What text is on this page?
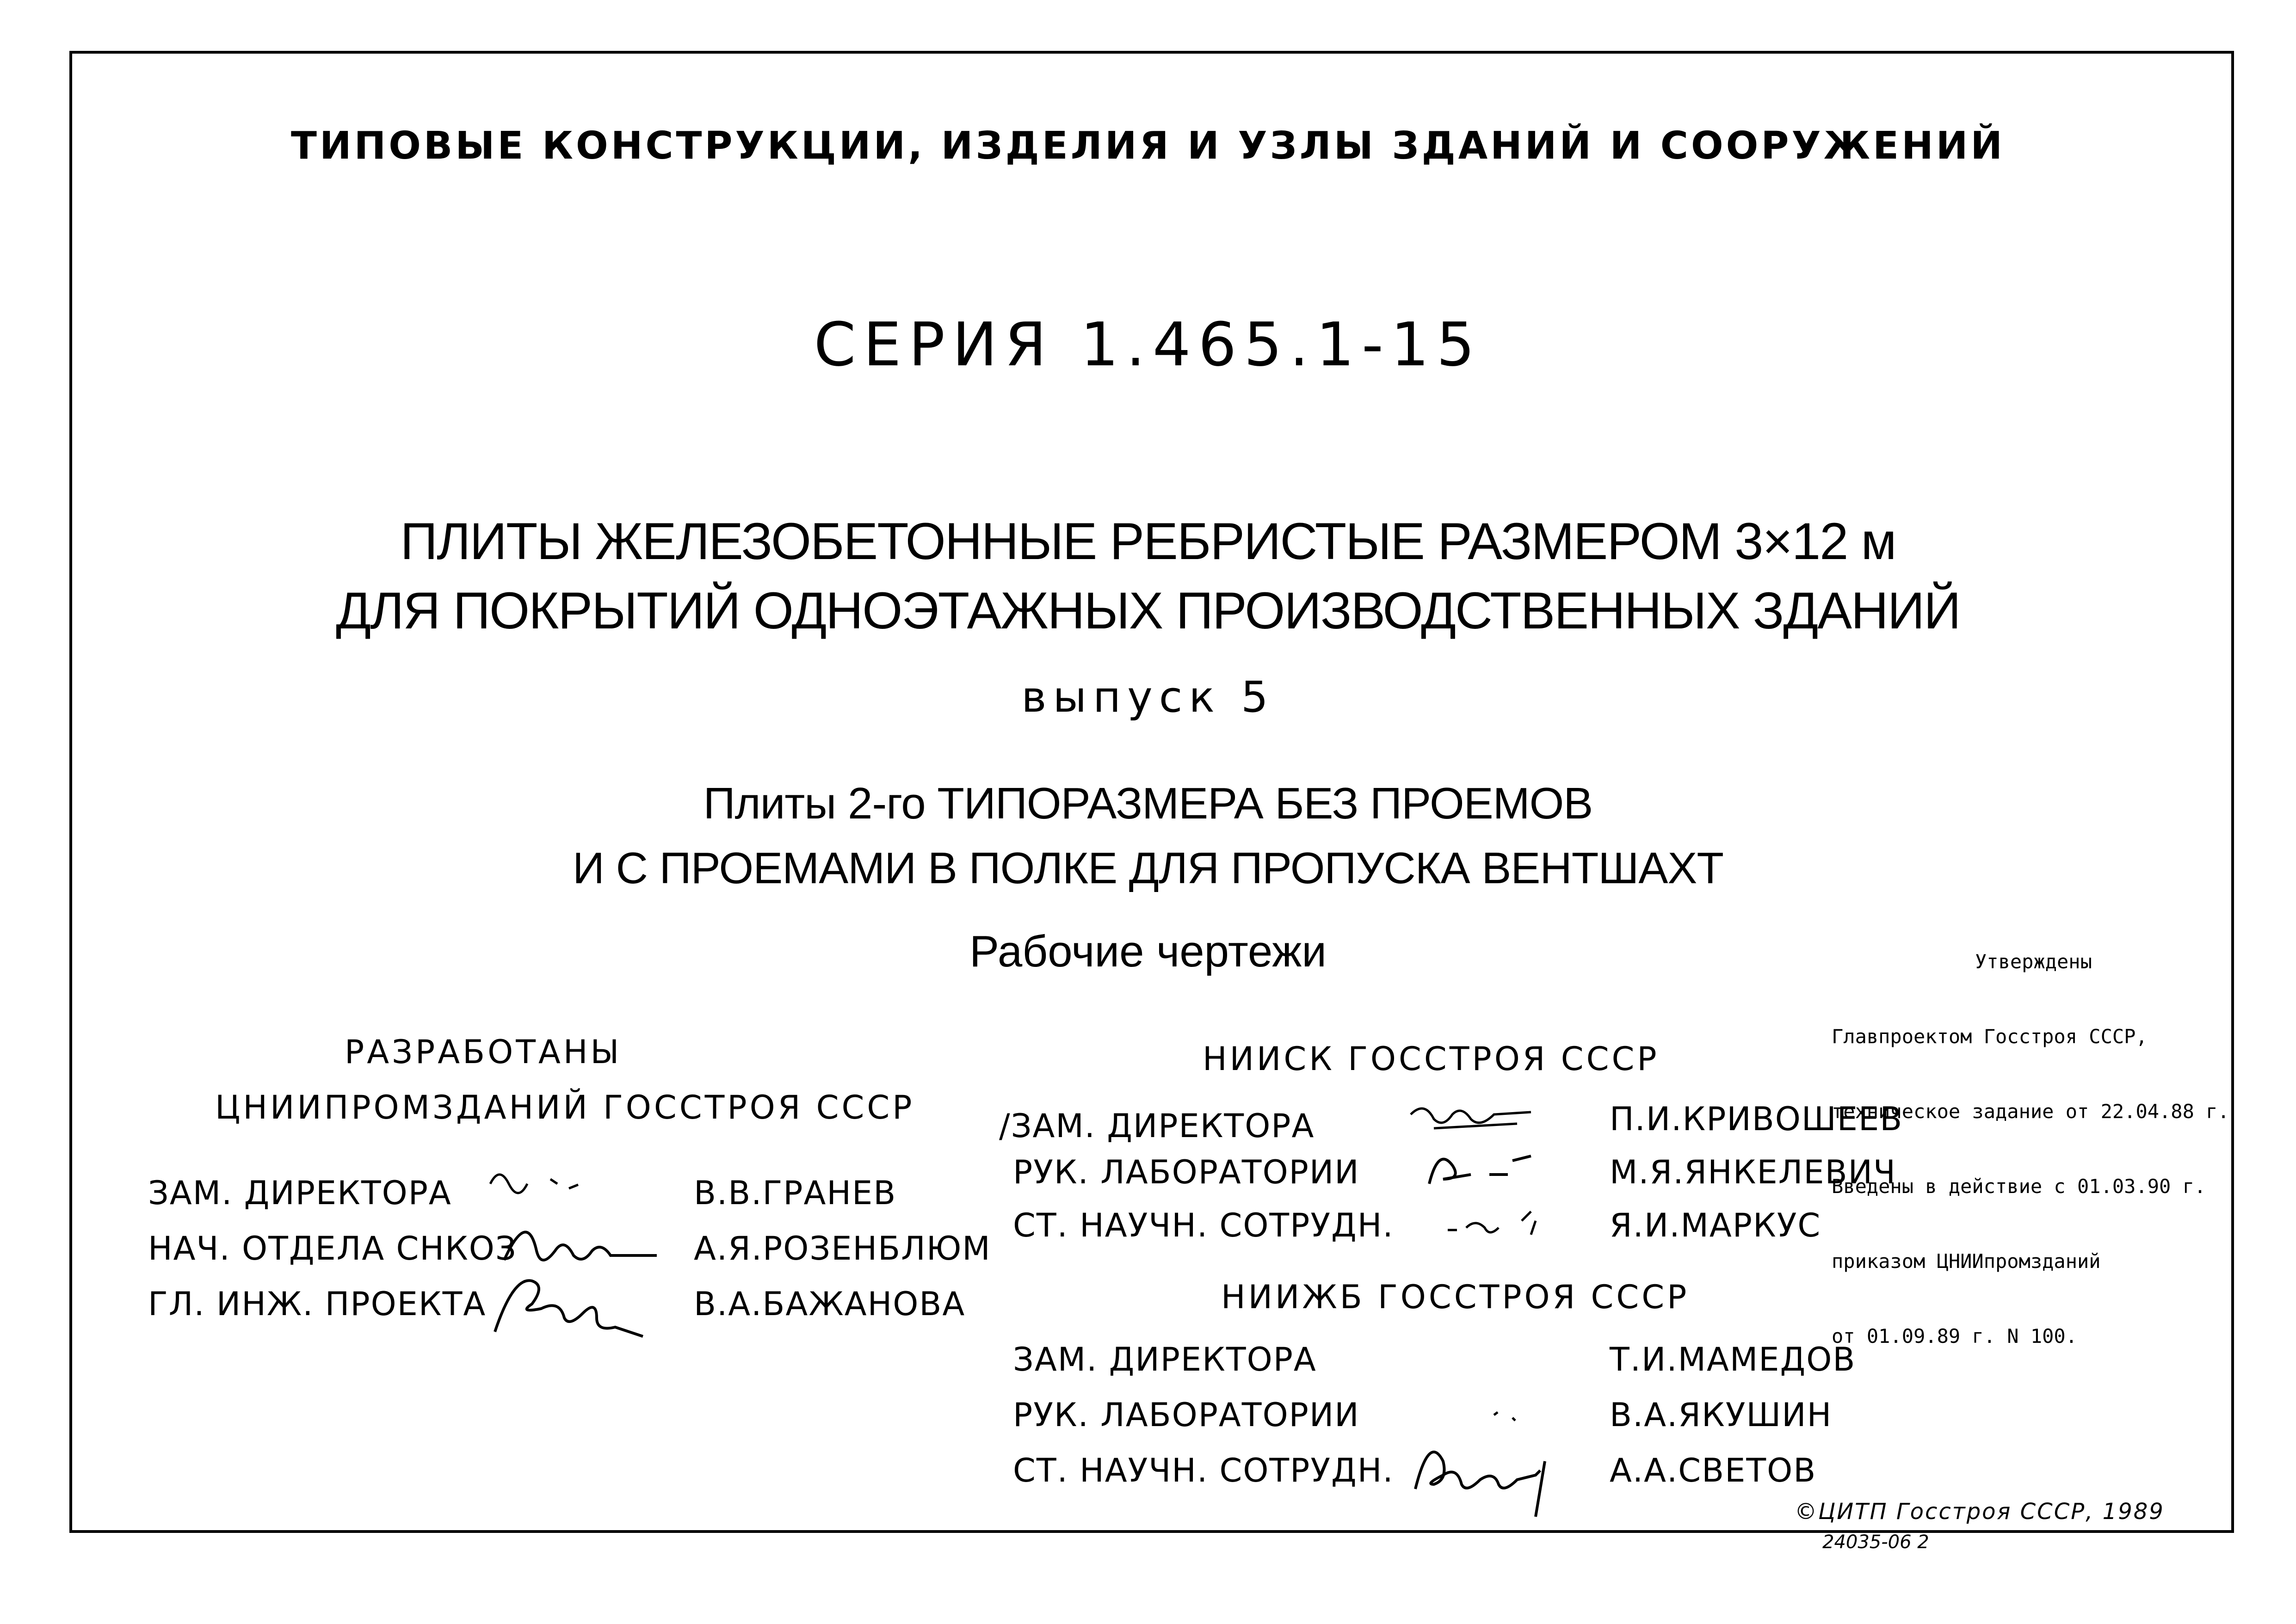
ТИПОВЫЕ КОНСТРУКЦИИ, ИЗДЕЛИЯ И УЗЛЫ ЗДАНИЙ И СООРУЖЕНИЙ
СЕРИЯ 1.465.1-15
ПЛИТЫ ЖЕЛЕЗОБЕТОННЫЕ РЕБРИСТЫЕ РАЗМЕРОМ 3×12 м
ДЛЯ ПОКРЫТИЙ ОДНОЭТАЖНЫХ ПРОИЗВОДСТВЕННЫХ ЗДАНИЙ
выпуск 5
Плиты 2-го ТИПОРАЗМЕРА БЕЗ ПРОЕМОВ
И С ПРОЕМАМИ В ПОЛКЕ ДЛЯ ПРОПУСКА ВЕНТШАХТ
Рабочие чертежи

	Утверждены

Главпроектом Госстроя СССР,

техническое задание от 22.04.88 г.

Введены в действие с 01.03.90 г.

приказом ЦНИИпромзданий

от 01.09.89 г. N 100.

РАЗРАБОТАНЫ
ЦНИИПРОМЗДАНИЙ ГОССТРОЯ СССР
ЗАМ. ДИРЕКТОРА	В.В.ГРАНЕВ
НАЧ. ОТДЕЛА СНКОЗ	А.Я.РОЗЕНБЛЮМ
ГЛ. ИНЖ. ПРОЕКТА	В.А.БАЖАНОВА
НИИСК ГОССТРОЯ СССР
/ЗАМ. ДИРЕКТОРА	П.И.КРИВОШЕЕВ
РУК. ЛАБОРАТОРИИ	М.Я.ЯНКЕЛЕВИЧ
СТ. НАУЧН. СОТРУДН.	Я.И.МАРКУС
НИИЖБ ГОССТРОЯ СССР
ЗАМ. ДИРЕКТОРА	Т.И.МАМЕДОВ
РУК. ЛАБОРАТОРИИ	В.А.ЯКУШИН
СТ. НАУЧН. СОТРУДН.	А.А.СВЕТОВ
©ЦИТП Госстроя СССР, 1989
24035-06 2
